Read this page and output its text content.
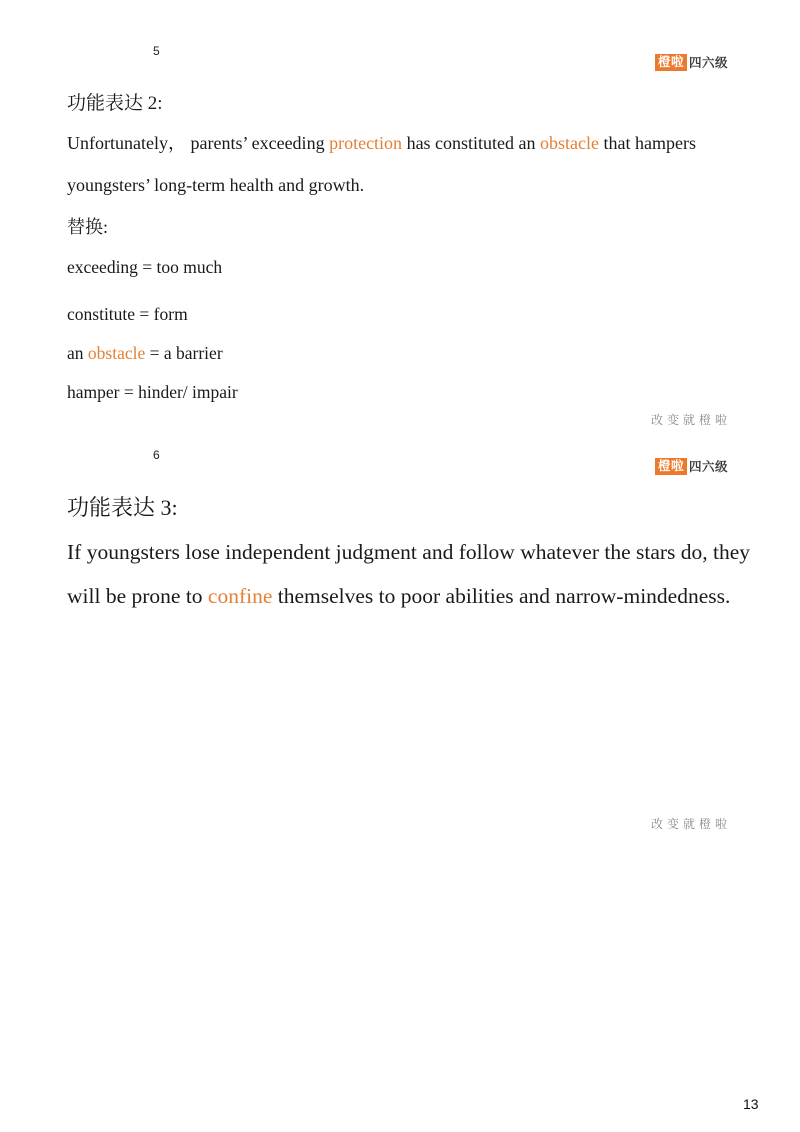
5
橙啦 四六级
功能表达 2:
Unfortunately， parents’ exceeding protection has constituted an obstacle that hampers youngsters’ long-term health and growth.
替换:
exceeding = too much
constitute = form
an obstacle = a barrier
hamper = hinder/ impair
改变就橙啦
6
橙啦 四六级
功能表达 3:
If youngsters lose independent judgment and follow whatever the stars do, they will be prone to confine themselves to poor abilities and narrow-mindedness.
改变就橙啦
13
